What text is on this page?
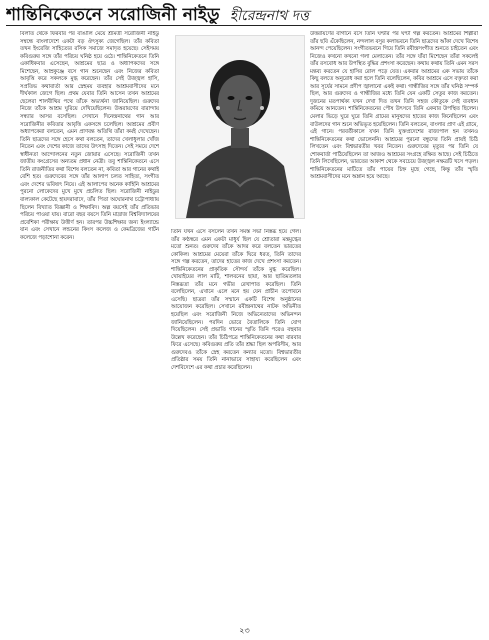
শান্তিনিকেতনে সরোজিনী নাইডু হীরেন্দ্রনাথ দত্ত
বিলাত থেকে ফিরবার পর বাঙালি মেয়ে শ্রীমতী সরোজিনী নাইডু সম্বন্ধে বাংলাদেশে একটা বড় ঔৎসুক্য জেগেছিল। তাঁর কবিতা তখন ইংরেজি সাহিত্যের রসিক সমাজে সমাদৃত হয়েছে। সেইসময় কবিগুরুর সঙ্গে তাঁর পরিচয় ঘনিষ্ঠ হয়ে ওঠে। শান্তিনিকেতনে তিনি একাধিকবার এসেছেন, আশ্রমের ছাত্র ও অধ্যাপকদের সঙ্গে মিশেছেন, আম্রকুঞ্জে বসে গান শুনেছেন এবং নিজের কবিতা আবৃত্তি করে সকলকে মুগ্ধ করেছেন। তাঁর সেই উজ্জ্বল হাসি, সপ্রতিভ কথাবার্তা আর স্নেহময় ব্যবহার আশ্রমবাসীদের মনে দীর্ঘকাল জেগে ছিল। প্রথম যেবার তিনি আসেন তখন আশ্রমের ছেলেরা শালবীথির পথে তাঁকে অভ্যর্থনা জানিয়েছিল। গুরুদেব নিজে তাঁকে আশ্রম ঘুরিয়ে দেখিয়েছিলেন। উত্তরায়ণের বারান্দায় সন্ধ্যার আসর বসেছিল। সেখানে দিনেন্দ্রনাথের গান আর সরোজিনীর কবিতার আবৃত্তি একসঙ্গে চলেছিল। আশ্রমের প্রবীণ অধ্যাপকেরা বলতেন, এমন প্রাণবন্ত অতিথি তাঁরা কমই দেখেছেন। তিনি ছাত্রদের সঙ্গে হেসে কথা বলতেন, তাদের খেলাধুলার খোঁজ নিতেন এবং দেশের কাজে তাদের উৎসাহ দিতেন। সেই সময়ে দেশে স্বাধীনতা আন্দোলনের নতুন জোয়ার এসেছে। সরোজিনী তখন জাতীয় কংগ্রেসের অন্যতম প্রধান নেত্রী। তবু শান্তিনিকেতনে এসে তিনি রাজনীতির কথা বিশেষ বলতেন না, কবিতা আর গানের কথাই বেশি হত। গুরুদেবের সঙ্গে তাঁর আলাপ চলত সাহিত্য, সংগীত এবং দেশের ভবিষ্যৎ নিয়ে। এই আলাপের অনেক কাহিনি আশ্রমের পুরনো লোকেদের মুখে মুখে প্রচলিত ছিল। সরোজিনী নাইডুর বাল্যকাল কেটেছে হায়দরাবাদে, তাঁর পিতা অঘোরনাথ চট্টোপাধ্যায় ছিলেন বিখ্যাত বিজ্ঞানী ও শিক্ষাবিদ। অল্প বয়সেই তাঁর প্রতিভার পরিচয় পাওয়া যায়। বারো বছর বয়সে তিনি মাদ্রাজ বিশ্ববিদ্যালয়ের প্রবেশিকা পরীক্ষায় উত্তীর্ণ হন। তারপর উচ্চশিক্ষার জন্য ইংল্যান্ডে যান এবং সেখানে লন্ডনের কিংস কলেজ ও কেমব্রিজের গার্টন কলেজে পড়াশোনা করেন।
তিনি যখন এসে বসলেন তখন সমস্ত সভা নিস্তব্ধ হয়ে গেল। তাঁর কণ্ঠস্বরে এমন একটা মাধুর্য ছিল যে শ্রোতারা মন্ত্রমুগ্ধের মতো শুনত। গুরুদেব তাঁকে আদর করে বলতেন ভারতের কোকিল। আশ্রমের মেয়েরা তাঁকে ঘিরে ধরত, তিনি তাদের সঙ্গে গল্প করতেন, তাদের হাতের কাজ দেখে প্রশংসা করতেন। শান্তিনিকেতনের প্রাকৃতিক সৌন্দর্য তাঁকে মুগ্ধ করেছিল। খোয়াইয়ের লাল মাটি, শালবনের ছায়া, আর ছাতিমতলার নিস্তব্ধতা তাঁর মনে গভীর রেখাপাত করেছিল। তিনি বলেছিলেন, এখানে এলে মনে হয় যেন প্রাচীন তপোবনে এসেছি। ছাত্ররা তাঁর সম্মানে একটি বিশেষ অনুষ্ঠানের আয়োজন করেছিল। সেখানে রবীন্দ্রনাথের নাটক অভিনীত হয়েছিল এবং সরোজিনী নিজে অভিনেতাদের অভিনন্দন জানিয়েছিলেন। পরদিন ভোরে বৈতালিকে তিনি যোগ দিয়েছিলেন। সেই প্রভাতি গানের স্মৃতি তিনি পরেও বহুবার উল্লেখ করেছেন। তাঁর চিঠিপত্রে শান্তিনিকেতনের কথা বারবার ফিরে এসেছে। কবিগুরুর প্রতি তাঁর শ্রদ্ধা ছিল অপরিসীম, আর গুরুদেবও তাঁকে স্নেহ করতেন কন্যার মতো। বিশ্বভারতীর প্রতিষ্ঠার সময় তিনি নানাভাবে সাহায্য করেছিলেন এবং দেশবিদেশে এর কথা প্রচার করেছিলেন।
উত্তরায়ণের বাগানে বসে তিনি ঘণ্টার পর ঘণ্টা গল্প করতেন। আশ্রমের শিল্পীরা তাঁর ছবি এঁকেছিলেন, নন্দলাল বসুর কলাভবনে তিনি ছাত্রদের আঁকা দেখে বিশেষ আনন্দ পেয়েছিলেন। সংগীতভবনে গিয়ে তিনি রবীন্দ্রসংগীত শুনতে চাইতেন এবং নিজেও কখনো কখনো গলা মেলাতেন। তাঁর সঙ্গে যাঁরা মিশেছেন তাঁরা সকলেই তাঁর রসবোধ আর উপস্থিত বুদ্ধির প্রশংসা করেছেন। কথায় কথায় তিনি এমন সরস মন্তব্য করতেন যে হাসির রোল পড়ে যেত। একবার আশ্রমের এক সভায় তাঁকে কিছু বলতে অনুরোধ করা হলে তিনি বলেছিলেন, কবির আশ্রমে এসে বক্তৃতা করা আর সূর্যের সামনে প্রদীপ জ্বালানো একই কথা। গান্ধীজির সঙ্গে তাঁর ঘনিষ্ঠ সম্পর্ক ছিল, আর গুরুদেব ও গান্ধীজির মধ্যে তিনি যেন একটি সেতুর কাজ করতেন। দুজনের মতপার্থক্য যখন দেখা দিত তখন তিনি সহজ কৌতুকে সেই ব্যবধান কমিয়ে আনতেন। শান্তিনিকেতনের পৌষ উৎসবে তিনি একবার উপস্থিত ছিলেন। মেলার ভিড়ে ঘুরে ঘুরে তিনি গ্রামের মানুষদের হাতের কাজ কিনেছিলেন এবং বাউলদের গান শুনে অভিভূত হয়েছিলেন। তিনি বলতেন, বাংলার প্রাণ এই গ্রামে, এই গানে। পরবর্তীকালে যখন তিনি যুক্তপ্রদেশের রাজ্যপাল হন তখনও শান্তিনিকেতনের কথা ভোলেননি। আশ্রমের পুরনো বন্ধুদের তিনি প্রায়ই চিঠি লিখতেন এবং বিশ্বভারতীর খবর নিতেন। গুরুদেবের মৃত্যুর পর তিনি যে শোকবার্তা পাঠিয়েছিলেন তা আজও আশ্রমের সংগ্রহে রক্ষিত আছে। সেই চিঠিতে তিনি লিখেছিলেন, ভারতের আকাশ থেকে সবচেয়ে উজ্জ্বল নক্ষত্রটি খসে পড়ল। শান্তিনিকেতনের মাটিতে তাঁর পায়ের চিহ্ন মুছে গেছে, কিন্তু তাঁর স্মৃতি আশ্রমবাসীদের মনে অম্লান হয়ে আছে।
২৩
